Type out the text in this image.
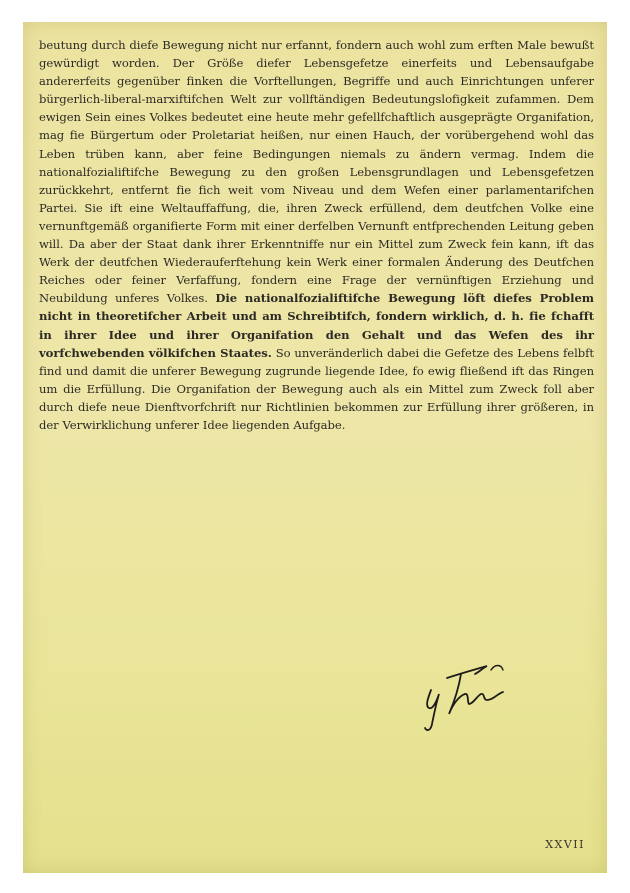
beutung durch diefe Bewegung nicht nur erfannt, fondern auch wohl zum erften Male bewußt gewürdigt worden. Der Größe diefer Lebensgefetze einerfeits und Lebensaufgabe andererfeits gegenüber finken die Vorftellungen, Begriffe und auch Einrichtungen unferer bürgerlich-liberal-marxiftifchen Welt zur vollftändigen Bedeutungslofigkeit zufammen. Dem ewigen Sein eines Volkes bedeutet eine heute mehr gefellfchaftlich ausgeprägte Organifation, mag fie Bürgertum oder Proletariat heißen, nur einen Hauch, der vorübergehend wohl das Leben trüben kann, aber feine Bedingungen niemals zu ändern vermag. Indem die nationalfozialiftifche Bewegung zu den großen Lebensgrundlagen und Lebensgefetzen zurückkehrt, entfernt fie fich weit vom Niveau und dem Wefen einer parlamentarifchen Partei. Sie ift eine Weltauffaffung, die, ihren Zweck erfüllend, dem deutfchen Volke eine vernunftgemäß organifierte Form mit einer derfelben Vernunft entfprechenden Leitung geben will. Da aber der Staat dank ihrer Erkenntniffe nur ein Mittel zum Zweck fein kann, ift das Werk der deutfchen Wiederauferftehung kein Werk einer formalen Änderung des Deutfchen Reiches oder feiner Verfaffung, fondern eine Frage der vernünftigen Erziehung und Neubildung unferes Volkes. Die nationalfozialiftifche Bewegung löft diefes Problem nicht in theoretifcher Arbeit und am Schreibtifch, fondern wirklich, d. h. fie fchafft in ihrer Idee und ihrer Organifation den Gehalt und das Wefen des ihr vorfchwebenden völkifchen Staates. So unveränderlich dabei die Gefetze des Lebens felbft find und damit die unferer Bewegung zugrunde liegende Idee, fo ewig fließend ift das Ringen um die Erfüllung. Die Organifation der Bewegung auch als ein Mittel zum Zweck foll aber durch diefe neue Dienftvorfchrift nur Richtlinien bekommen zur Erfüllung ihrer größeren, in der Verwirklichung unferer Idee liegenden Aufgabe.

XXVII
